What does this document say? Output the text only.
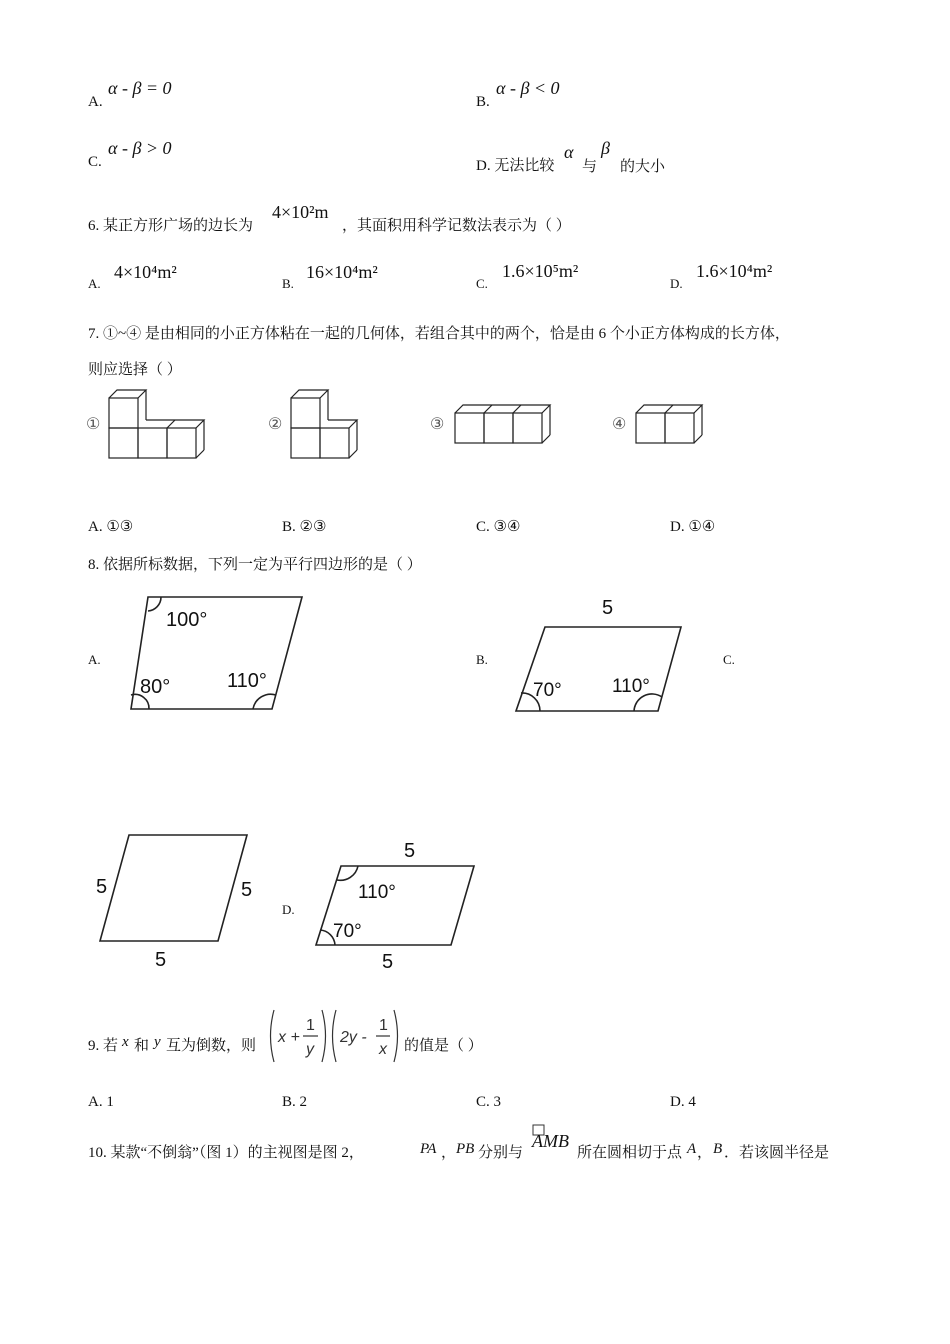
A.
α - β = 0
B.
α - β < 0
C.
α - β > 0
D. 无法比较
α
与
β
的大小
6. 某正方形广场的边长为
4×10²m
，其面积用科学记数法表示为（ ）
A.
4×10⁴m²
B.
16×10⁴m²
C.
1.6×10⁵m²
D.
1.6×10⁴m²
7. ①~④ 是由相同的小正方体粘在一起的几何体，若组合其中的两个，恰是由 6 个小正方体构成的长方体，
则应选择（ ）
①	②	③	④
A. ①③	B. ②③	C. ③④	D. ①④
8. 依据所标数据，下列一定为平行四边形的是（ ）
A.	B.	C.
D.
100°
80°	110°
5
70°	110°
5	5
5
5
110°
70°
5
9. 若 x 和 y 互为倒数，则 x +
1
y
2y -
1
x 的值是（ ）
A. 1	B. 2	C. 3	D. 4
10. 某款“不倒翁”（图 1）的主视图是图 2，	PA ， PB 分别与
AMB
所在圆相切于点 A ， B ．若该圆半径是
